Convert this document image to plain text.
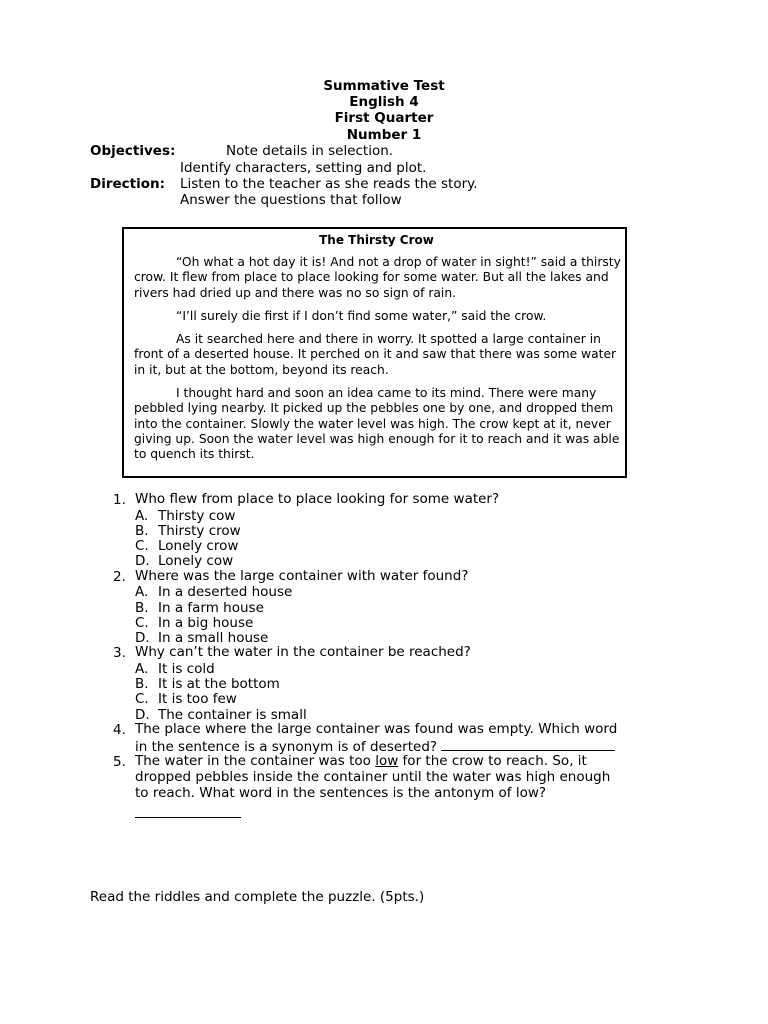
Summative Test
English 4
First Quarter
Number 1
Objectives:	Note details in selection.
Identify characters, setting and plot.
Direction: Listen to the teacher as she reads the story.
Answer the questions that follow
The Thirsty Crow
“Oh what a hot day it is! And not a drop of water in sight!” said a thirsty crow. It flew from place to place looking for some water. But all the lakes and rivers had dried up and there was no so sign of rain.
“I’ll surely die first if I don’t find some water,” said the crow.
As it searched here and there in worry. It spotted a large container in front of a deserted house. It perched on it and saw that there was some water in it, but at the bottom, beyond its reach.
I thought hard and soon an idea came to its mind. There were many pebbled lying nearby. It picked up the pebbles one by one, and dropped them into the container. Slowly the water level was high. The crow kept at it, never giving up. Soon the water level was high enough for it to reach and it was able to quench its thirst.
1. Who flew from place to place looking for some water?
A. Thirsty cow
B. Thirsty crow
C. Lonely crow
D. Lonely cow
2. Where was the large container with water found?
A. In a deserted house
B. In a farm house
C. In a big house
D. In a small house
3. Why can’t the water in the container be reached?
A. It is cold
B. It is at the bottom
C. It is too few
D. The container is small
4. The place where the large container was found was empty. Which word
in the sentence is a synonym is of deserted?
5. The water in the container was too low for the crow to reach. So, it
dropped pebbles inside the container until the water was high enough
to reach. What word in the sentences is the antonym of low?
Read the riddles and complete the puzzle. (5pts.)
